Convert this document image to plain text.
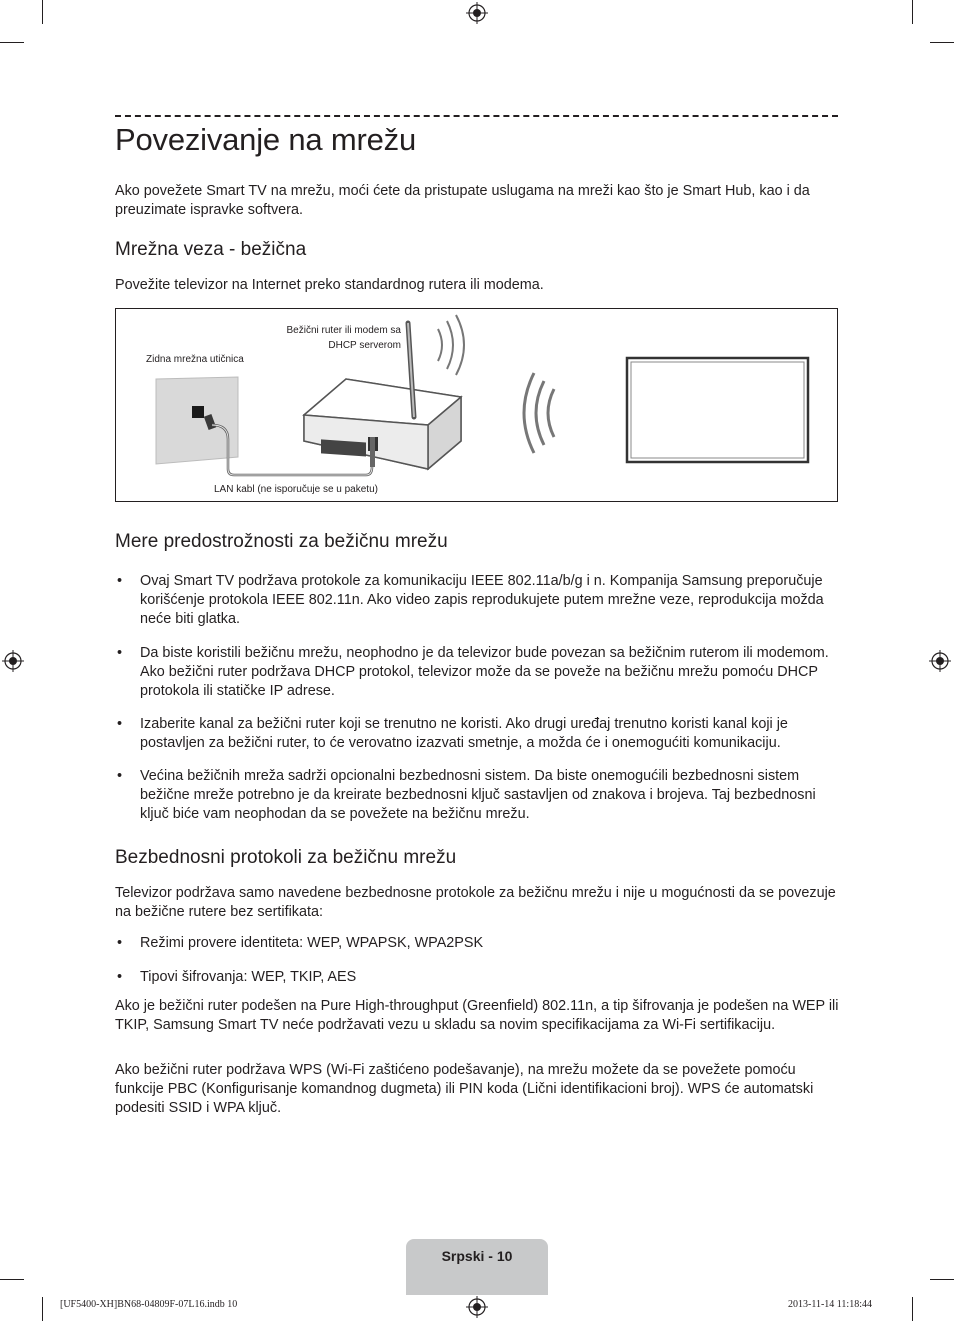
Povezivanje na mrežu

Ako povežete Smart TV na mrežu, moći ćete da pristupate uslugama na mreži kao što je Smart Hub, kao i da preuzimate ispravke softvera.

Mrežna veza - bežična

Povežite televizor na Internet preko standardnog rutera ili modema.

Bežični ruter ili modem sa
DHCP serverom
Zidna mrežna utičnica
LAN kabl (ne isporučuje se u paketu)
Mere predostrožnosti za bežičnu mrežu
• Ovaj Smart TV podržava protokole za komunikaciju IEEE 802.11a/b/g i n. Kompanija Samsung preporučuje korišćenje protokola IEEE 802.11n. Ako video zapis reprodukujete putem mrežne veze, reprodukcija možda neće biti glatka.
• Da biste koristili bežičnu mrežu, neophodno je da televizor bude povezan sa bežičnim ruterom ili modemom. Ako bežični ruter podržava DHCP protokol, televizor može da se poveže na bežičnu mrežu pomoću DHCP protokola ili statičke IP adrese.
• Izaberite kanal za bežični ruter koji se trenutno ne koristi. Ako drugi uređaj trenutno koristi kanal koji je postavljen za bežični ruter, to će verovatno izazvati smetnje, a možda će i onemogućiti komunikaciju.
• Većina bežičnih mreža sadrži opcionalni bezbednosni sistem. Da biste onemogućili bezbednosni sistem bežične mreže potrebno je da kreirate bezbednosni ključ sastavljen od znakova i brojeva. Taj bezbednosni ključ biće vam neophodan da se povežete na bežičnu mrežu.
Bezbednosni protokoli za bežičnu mrežu

Televizor podržava samo navedene bezbednosne protokole za bežičnu mrežu i nije u mogućnosti da se povezuje na bežične rutere bez sertifikata:

• Režimi provere identiteta: WEP, WPAPSK, WPA2PSK
• Tipovi šifrovanja: WEP, TKIP, AES

Ako je bežični ruter podešen na Pure High-throughput (Greenfield) 802.11n, a tip šifrovanja je podešen na WEP ili TKIP, Samsung Smart TV neće podržavati vezu u skladu sa novim specifikacijama za Wi-Fi sertifikaciju.

Ako bežični ruter podržava WPS (Wi-Fi zaštićeno podešavanje), na mrežu možete da se povežete pomoću funkcije PBC (Konfigurisanje komandnog dugmeta) ili PIN koda (Lični identifikacioni broj). WPS će automatski podesiti SSID i WPA ključ.

Srpski - 10
[UF5400-XH]BN68-04809F-07L16.indb 10	2013-11-14 11:18:44
